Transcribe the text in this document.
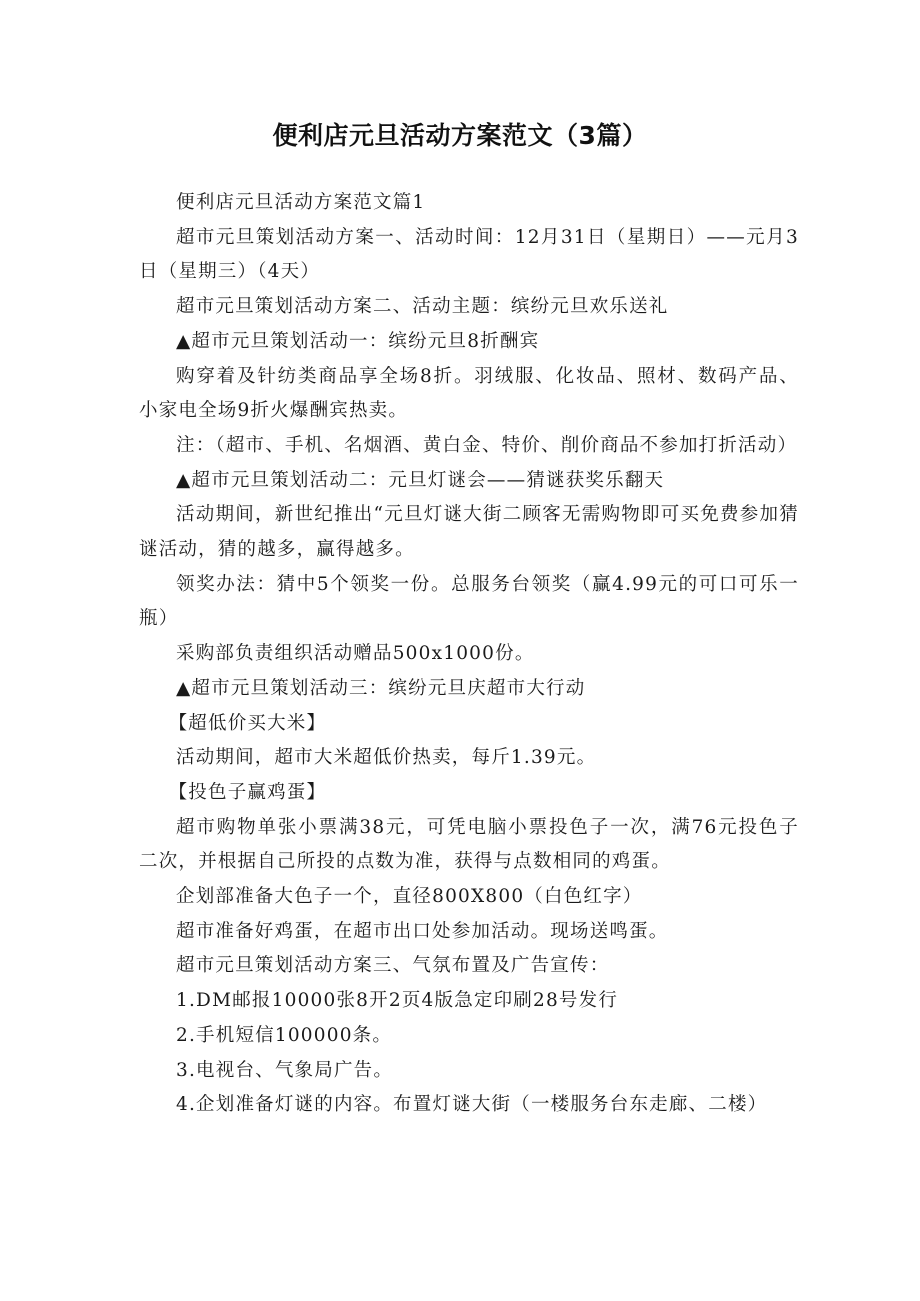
便利店元旦活动方案范文（3篇）

便利店元旦活动方案范文篇1

超市元旦策划活动方案一、活动时间：12月31日（星期日）——元月3日（星期三）（4天）

超市元旦策划活动方案二、活动主题：缤纷元旦欢乐送礼

▲超市元旦策划活动一：缤纷元旦8折酬宾

购穿着及针纺类商品享全场8折。羽绒服、化妆品、照材、数码产品、小家电全场9折火爆酬宾热卖。

注：（超市、手机、名烟酒、黄白金、特价、削价商品不参加打折活动）

▲超市元旦策划活动二：元旦灯谜会——猜谜获奖乐翻天

活动期间，新世纪推出“元旦灯谜大街二顾客无需购物即可买免费参加猜谜活动，猜的越多，赢得越多。

领奖办法：猜中5个领奖一份。总服务台领奖（赢4.99元的可口可乐一瓶）

采购部负责组织活动赠品500x1000份。

▲超市元旦策划活动三：缤纷元旦庆超市大行动

【超低价买大米】

活动期间，超市大米超低价热卖，每斤1.39元。

【投色子赢鸡蛋】

超市购物单张小票满38元，可凭电脑小票投色子一次，满76元投色子二次，并根据自己所投的点数为准，获得与点数相同的鸡蛋。

企划部准备大色子一个，直径800X800（白色红字）

超市准备好鸡蛋，在超市出口处参加活动。现场送鸣蛋。

超市元旦策划活动方案三、气氛布置及广告宣传：

1.DM邮报10000张8开2页4版急定印刷28号发行

2.手机短信100000条。

3.电视台、气象局广告。

4.企划准备灯谜的内容。布置灯谜大街（一楼服务台东走廊、二楼）
